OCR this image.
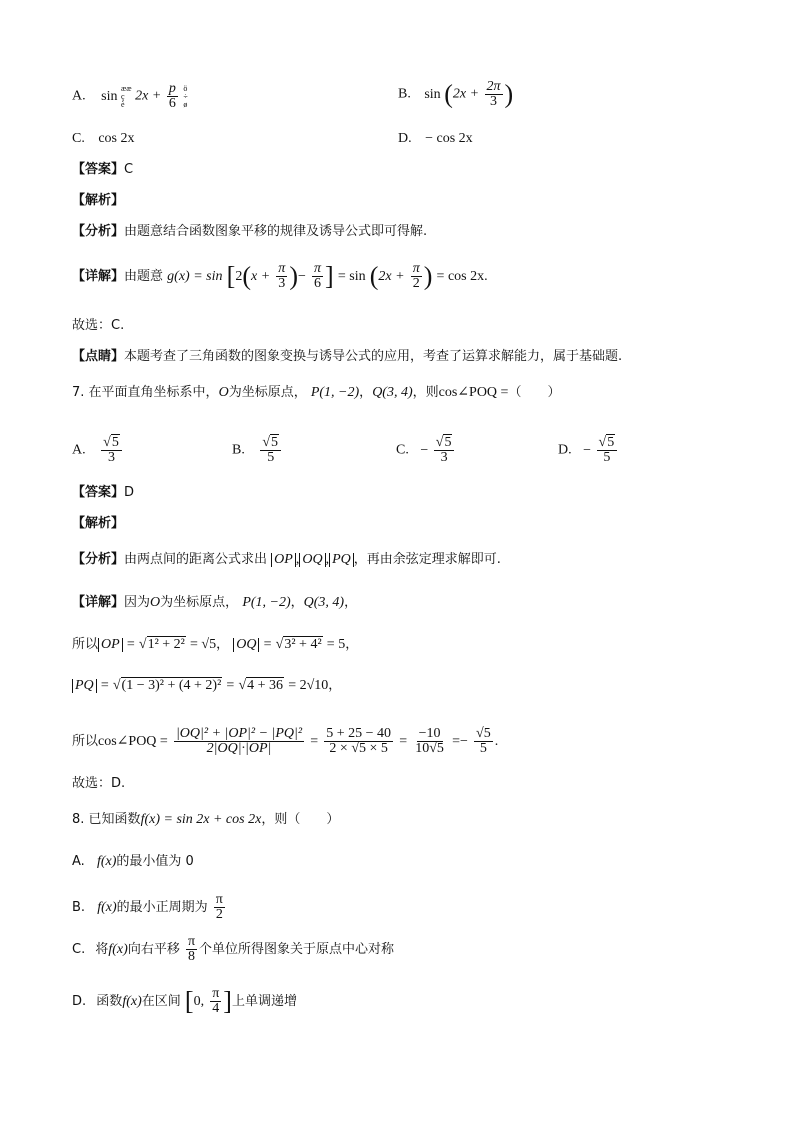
A. sin ææ
ç
è $2x + \frac{p}{6}$ ö
÷
ø
B. $\sin (2x + \frac{2\pi}{3}$ )
C. cos 2x	D. − cos 2x
【答案】C
【解析】
【分析】由题意结合函数图象平移的规律及诱导公式即可得解.
【详解】由题意 $g(x) = \sin [2(x + \frac{\pi}{3}$ )− $\frac{\pi}{6}$ ] = $\sin (2x + \frac{\pi}{2}$ ) = cos 2x.
故选：C.
【点睛】本题考查了三角函数的图象变换与诱导公式的应用，考查了运算求解能力，属于基础题.
7. 在平面直角坐标系中，O为坐标原点， P(1, −2)，Q(3, 4)，则cos∠POQ =（　　）
A. $\frac{√5}{3}$	B. $\frac{√5}{5}$	C. − $\frac{√5}{3}$	D. − $\frac{√5}{5}$
【答案】D
【解析】
【分析】由两点间的距离公式求出 OP , OQ , PQ ，再由余弦定理求解即可.
【详解】因为O为坐标原点， P(1, −2)，Q(3, 4)，
所以 OP = √1² + 2² = √5， OQ = √3² + 4² = 5，
PQ = √(1 − 3)² + (4 + 2)² = √4 + 36 = 2√10，
所以cos∠POQ = $\frac{\text{|OQ|² + |OP|² − |PQ|²}}{2|OQ|\cdot|OP|} = \frac{5 + 25 - 40}{2 \times √5 \times 5} = \frac{-10}{10√5} =- \frac{√5}{5}$ .
故选：D.
8. 已知函数f(x) = sin 2x + cos 2x，则（　　）
A. f(x)的最小值为 0
B. f(x)的最小正周期为 $\frac{\pi}{2}$
C. 将f(x)向右平移 $\frac{\pi}{8}$ 个单位所得图象关于原点中心对称
D. 函数f(x)在区间 [0, $\frac{\pi}{4}$ ]上单调递增
